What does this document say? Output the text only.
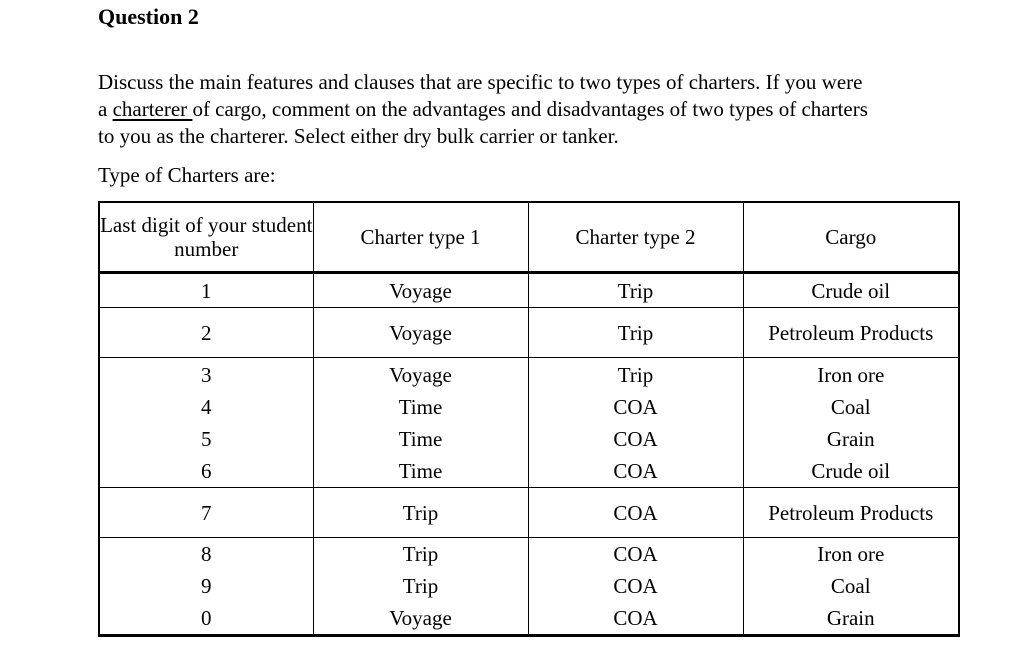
Question 2
Discuss the main features and clauses that are specific to two types of charters. If you were
a charterer of cargo, comment on the advantages and disadvantages of two types of charters
to you as the charterer. Select either dry bulk carrier or tanker.
Type of Charters are:
Last digit of your student number	Charter type 1	Charter type 2	Cargo
1	Voyage	Trip	Crude oil
2	Voyage	Trip	Petroleum Products
3	Voyage	Trip	Iron ore
4	Time	COA	Coal
5	Time	COA	Grain
6	Time	COA	Crude oil
7	Trip	COA	Petroleum Products
8	Trip	COA	Iron ore
9	Trip	COA	Coal
0	Voyage	COA	Grain
